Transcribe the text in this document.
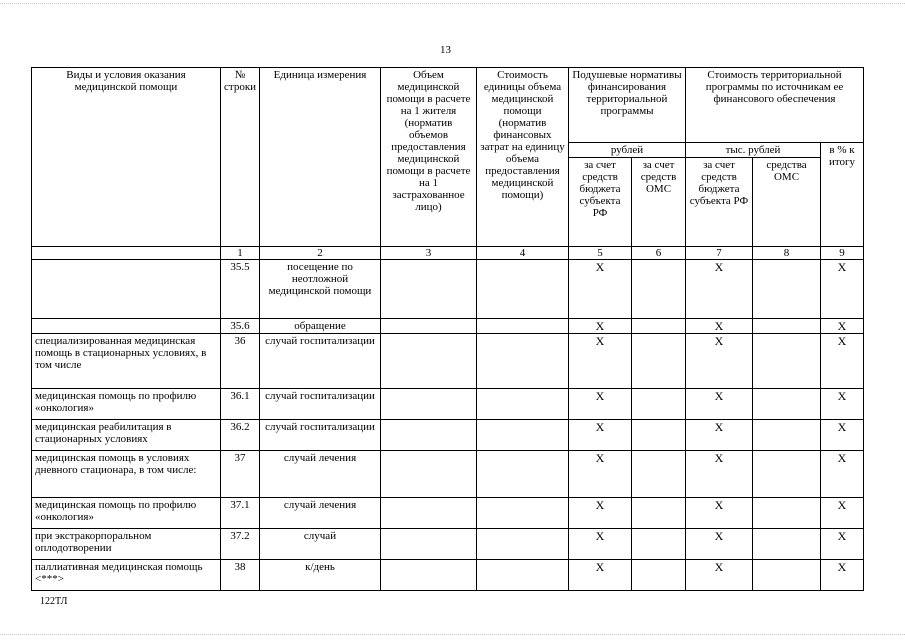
13
Виды и условия оказания медицинской помощи	№ строки	Единица измерения	Объем медицинской помощи в расчете на 1 жителя (норматив объемов предоставления медицинской помощи в расчете на 1 застрахованное лицо)	Стоимость единицы объема медицинской помощи (норматив финансовых затрат на единицу объема предоставления медицинской помощи)	Подушевые нормативы финансирования территориальной программы		Стоимость территориальной программы по источникам ее финансового обеспечения		
					рублей		тыс. рублей		в % к итогу
					за счет средств бюджета субъекта РФ	за счет средств ОМС	за счет средств бюджета субъекта РФ	средства ОМС	
	1	2	3	4	5	6	7	8	9
	35.5	посещение по неотложной медицинской помощи			X		X		X
	35.6	обращение			X		X		X
специализированная медицинская помощь в стационарных условиях, в том числе	36	случай госпитализации			X		X		X
медицинская помощь по профилю «онкология»	36.1	случай госпитализации			X		X		X
медицинская реабилитация в стационарных условиях	36.2	случай госпитализации			X		X		X
медицинская помощь в условиях дневного стационара, в том числе:	37	случай лечения			X		X		X
медицинская помощь по профилю «онкология»	37.1	случай лечения			X		X		X
при экстракорпоральном оплодотворении	37.2	случай			X		X		X
паллиативная медицинская помощь <***>	38	к/день			X		X		X
122ТЛ
